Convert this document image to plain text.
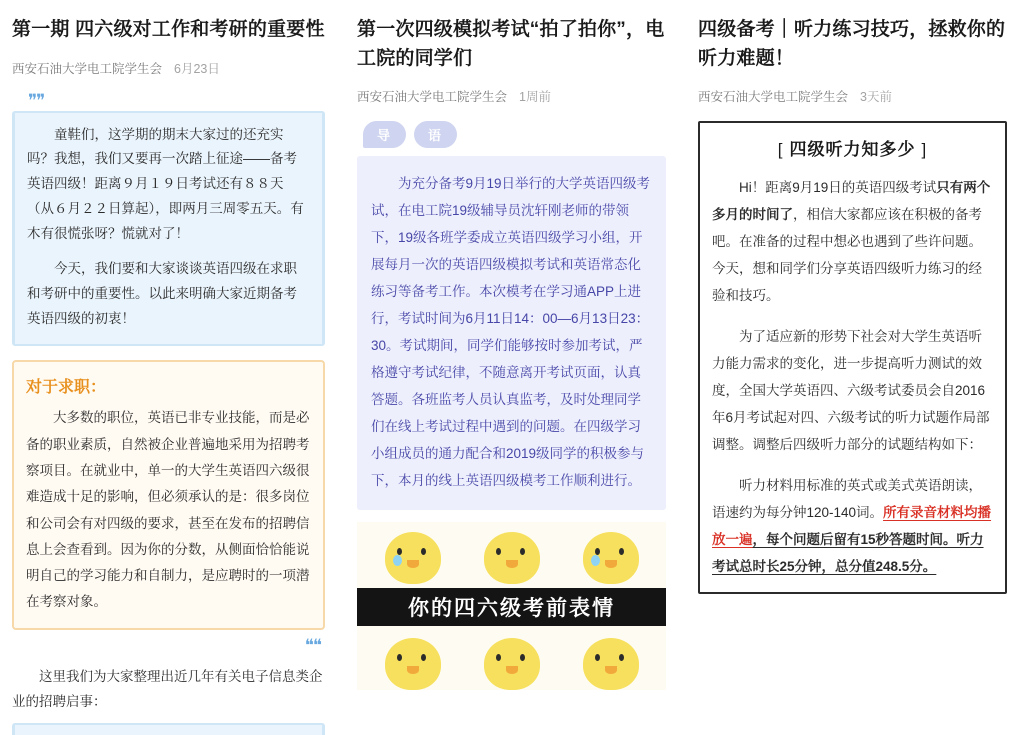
第一期 四六级对工作和考研的重要性
西安石油大学电工院学生会 6月23日
❞❞

童鞋们，这学期的期末大家过的还充实吗？我想，我们又要再一次踏上征途——备考英语四级！距离９月１９日考试还有８８天（从６月２２日算起），即两月三周零五天。有木有很慌张呀？慌就对了！

今天，我们要和大家谈谈英语四级在求职和考研中的重要性。以此来明确大家近期备考英语四级的初衷！

对于求职：

大多数的职位，英语已非专业技能，而是必备的职业素质，自然被企业普遍地采用为招聘考察项目。在就业中，单一的大学生英语四六级很难造成十足的影响，但必须承认的是：很多岗位和公司会有对四级的要求，甚至在发布的招聘信息上会查看到。因为你的分数，从侧面恰恰能说明自己的学习能力和自制力，是应聘时的一项潜在考察对象。

❝❝
这里我们为大家整理出近几年有关电子信息类企业的招聘启事：
第一次四级模拟考试“拍了拍你”，电工院的同学们
西安石油大学电工院学生会 1周前
导	语

为充分备考9月19日举行的大学英语四级考试，在电工院19级辅导员沈轩刚老师的带领下，19级各班学委成立英语四级学习小组，开展每月一次的英语四级模拟考试和英语常态化练习等备考工作。本次模考在学习通APP上进行，考试时间为6月11日14：00—6月13日23：30。考试期间，同学们能够按时参加考试，严格遵守考试纪律，不随意离开考试页面，认真答题。各班监考人员认真监考，及时处理同学们在线上考试过程中遇到的问题。在四级学习小组成员的通力配合和2019级同学的积极参与下，本月的线上英语四级模考工作顺利进行。

你的四六级考前表情
四级备考｜听力练习技巧，拯救你的听力难题！
西安石油大学电工院学生会 3天前
[ 四级听力知多少 ]

Hi！距离9月19日的英语四级考试只有两个多月的时间了，相信大家都应该在积极的备考吧。在准备的过程中想必也遇到了些许问题。今天，想和同学们分享英语四级听力练习的经验和技巧。

为了适应新的形势下社会对大学生英语听力能力需求的变化，进一步提高听力测试的效度，全国大学英语四、六级考试委员会自2016年6月考试起对四、六级考试的听力试题作局部调整。调整后四级听力部分的试题结构如下：

听力材料用标准的英式或美式英语朗读，语速约为每分钟120-140词。所有录音材料均播放一遍，每个问题后留有15秒答题时间。听力考试总时长25分钟，总分值248.5分。
